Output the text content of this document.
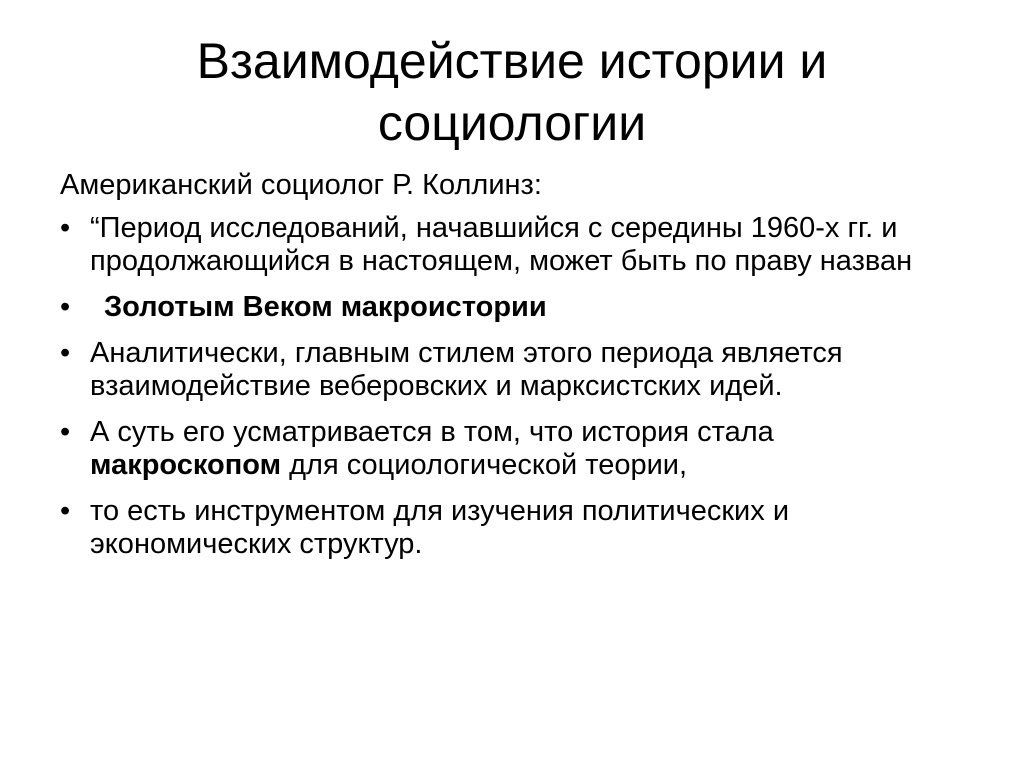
Взаимодействие истории и социологии

Американский социолог Р. Коллинз:

• “Период исследований, начавшийся с середины 1960-х гг. и продолжающийся в настоящем, может быть по праву назван
• Золотым Веком макроистории
• Аналитически, главным стилем этого периода является взаимодействие веберовских и марксистских идей.
• А суть его усматривается в том, что история стала макроскопом для социологической теории,
• то есть инструментом для изучения политических и экономических структур.
